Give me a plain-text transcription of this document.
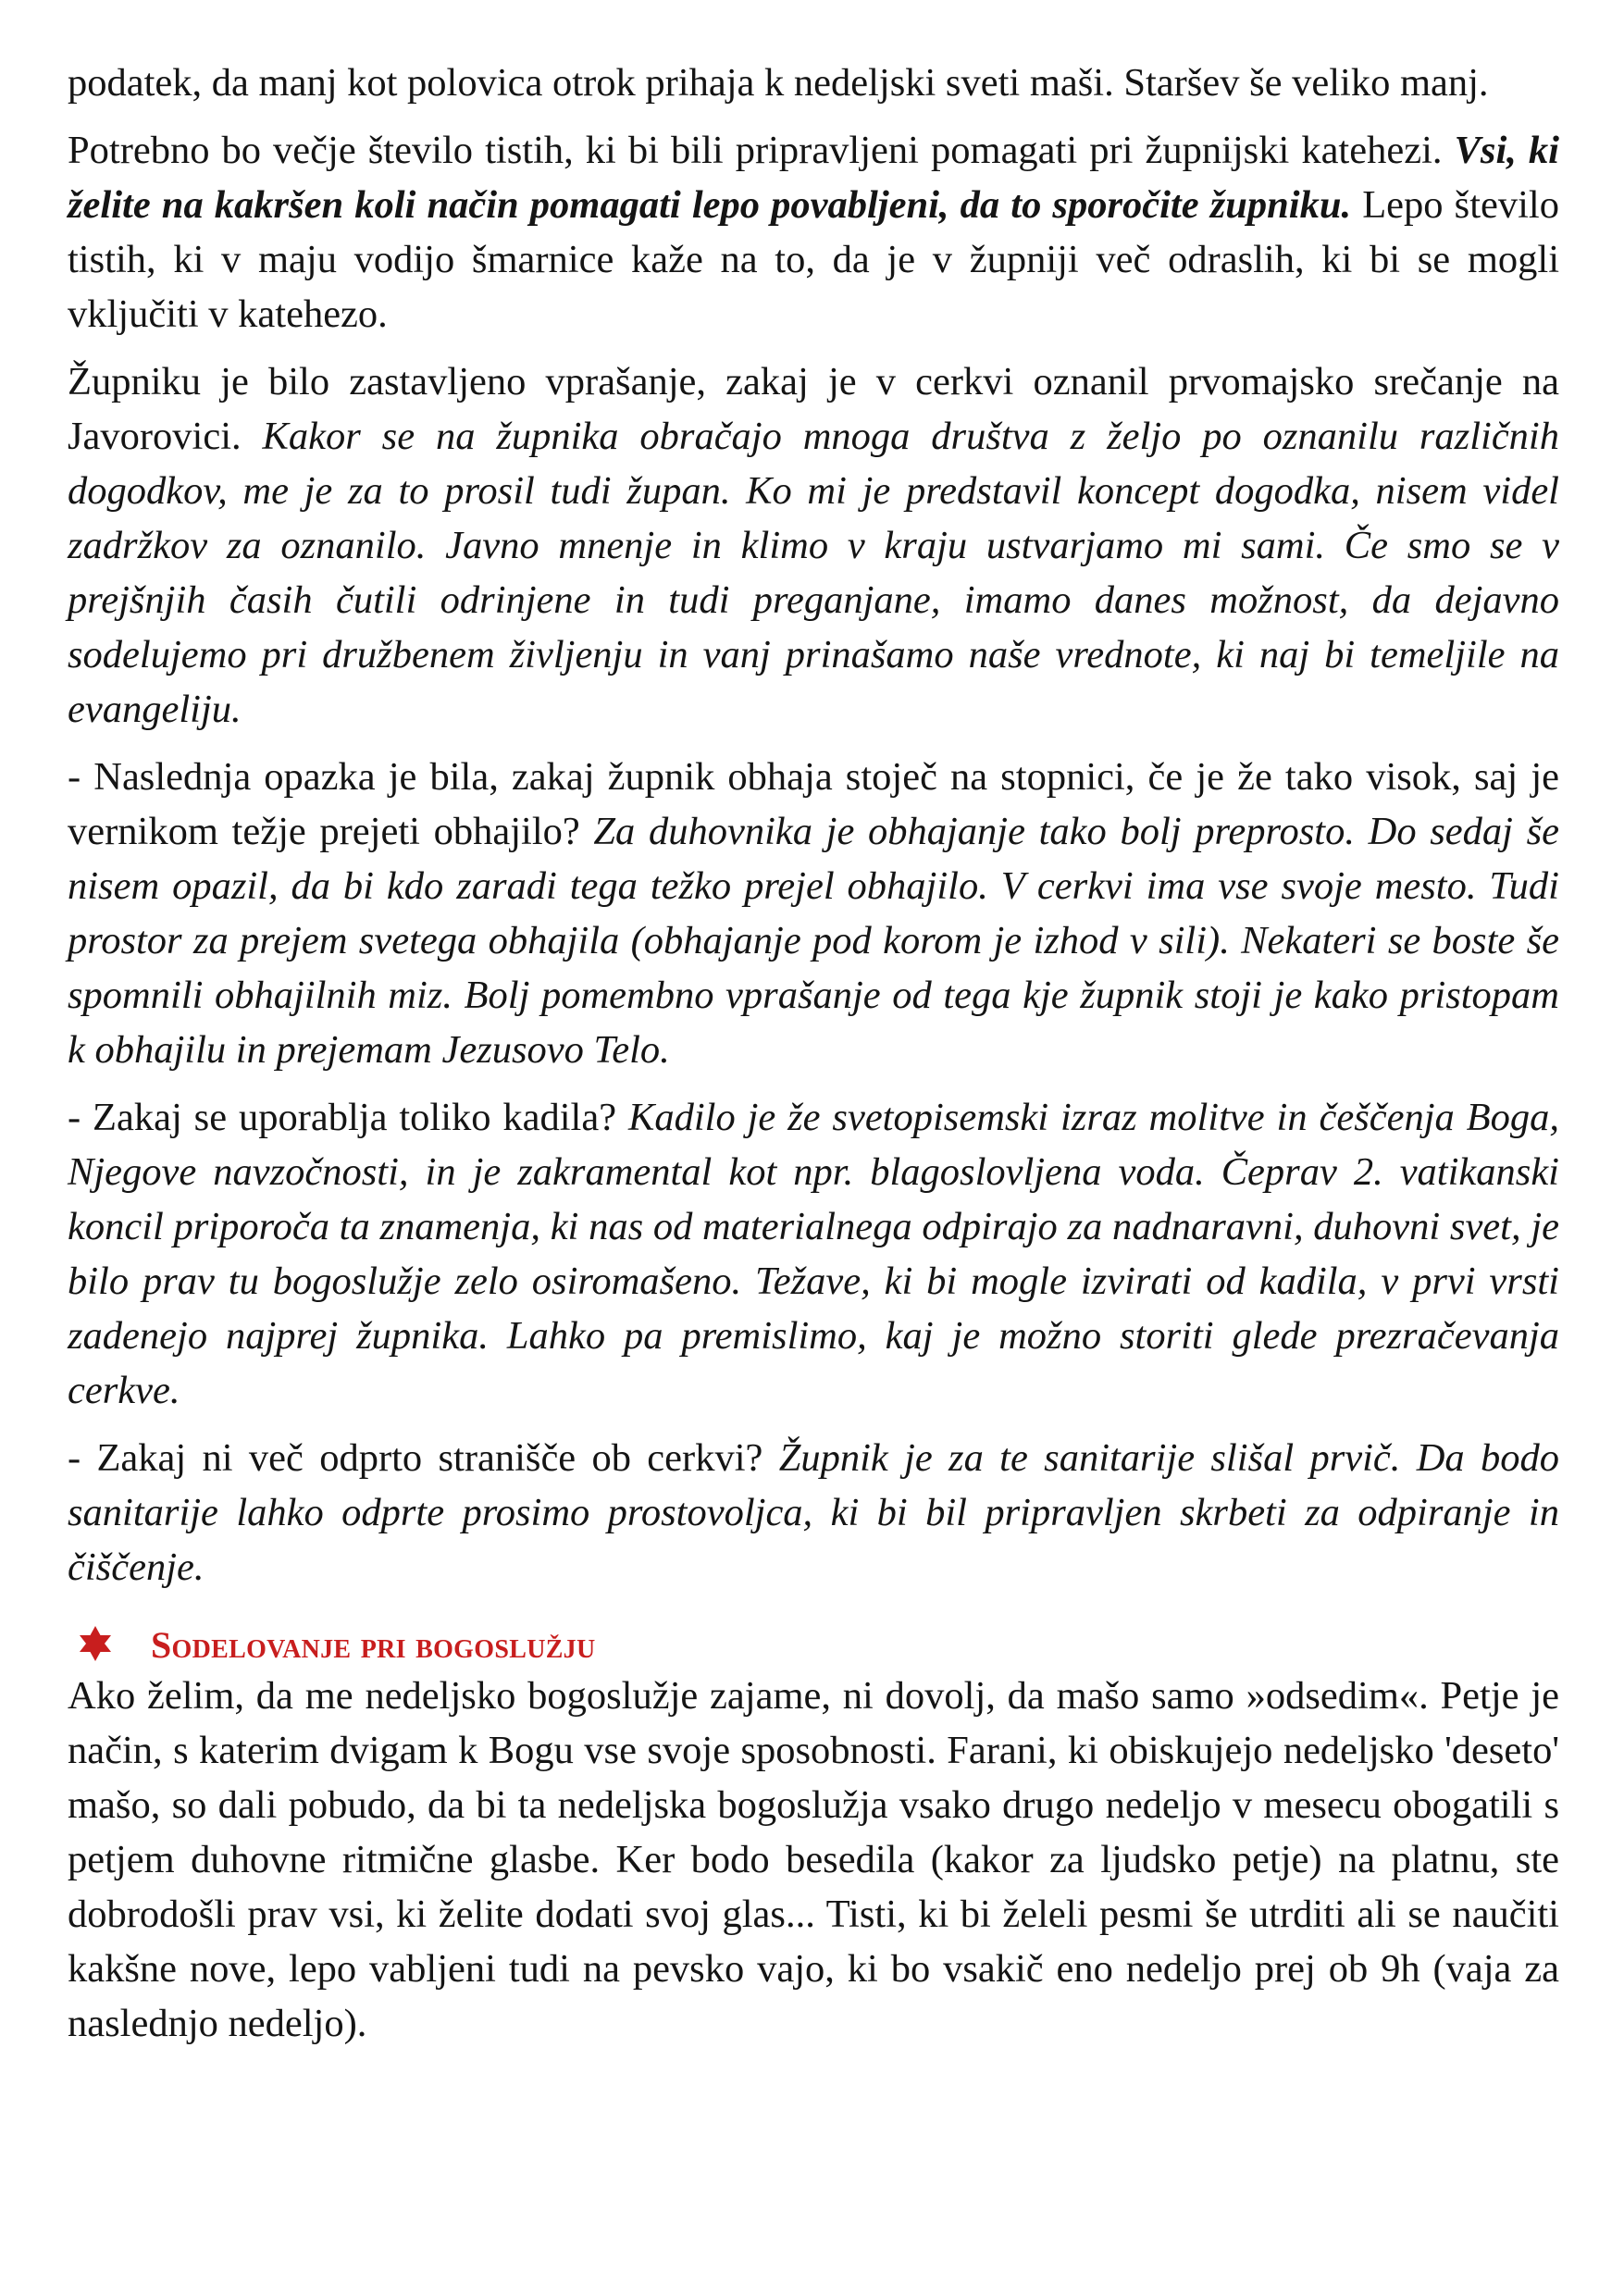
podatek, da manj kot polovica otrok prihaja k nedeljski sveti maši. Staršev še veliko manj.

Potrebno bo večje število tistih, ki bi bili pripravljeni pomagati pri župnijski katehezi. Vsi, ki želite na kakršen koli način pomagati lepo povabljeni, da to sporočite župniku. Lepo število tistih, ki v maju vodijo šmarnice kaže na to, da je v župniji več odraslih, ki bi se mogli vključiti v katehezo.

Župniku je bilo zastavljeno vprašanje, zakaj je v cerkvi oznanil prvomajsko srečanje na Javorovici. Kakor se na župnika obračajo mnoga društva z željo po oznanilu različnih dogodkov, me je za to prosil tudi župan. Ko mi je predstavil koncept dogodka, nisem videl zadržkov za oznanilo. Javno mnenje in klimo v kraju ustvarjamo mi sami. Če smo se v prejšnjih časih čutili odrinjene in tudi preganjane, imamo danes možnost, da dejavno sodelujemo pri družbenem življenju in vanj prinašamo naše vrednote, ki naj bi temeljile na evangeliju.

- Naslednja opazka je bila, zakaj župnik obhaja stoječ na stopnici, če je že tako visok, saj je vernikom težje prejeti obhajilo? Za duhovnika je obhajanje tako bolj preprosto. Do sedaj še nisem opazil, da bi kdo zaradi tega težko prejel obhajilo. V cerkvi ima vse svoje mesto. Tudi prostor za prejem svetega obhajila (obhajanje pod korom je izhod v sili). Nekateri se boste še spomnili obhajilnih miz. Bolj pomembno vprašanje od tega kje župnik stoji je kako pristopam k obhajilu in prejemam Jezusovo Telo.

- Zakaj se uporablja toliko kadila? Kadilo je že svetopisemski izraz molitve in češčenja Boga, Njegove navzočnosti, in je zakramental kot npr. blagoslovljena voda. Čeprav 2. vatikanski koncil priporoča ta znamenja, ki nas od materialnega odpirajo za nadnaravni, duhovni svet, je bilo prav tu bogoslužje zelo osiromašeno. Težave, ki bi mogle izvirati od kadila, v prvi vrsti zadenejo najprej župnika. Lahko pa premislimo, kaj je možno storiti glede prezračevanja cerkve.

- Zakaj ni več odprto stranišče ob cerkvi? Župnik je za te sanitarije slišal prvič. Da bodo sanitarije lahko odprte prosimo prostovoljca, ki bi bil pripravljen skrbeti za odpiranje in čiščenje.

Sodelovanje pri bogoslužju

Ako želim, da me nedeljsko bogoslužje zajame, ni dovolj, da mašo samo »odsedim«. Petje je način, s katerim dvigam k Bogu vse svoje sposobnosti. Farani, ki obiskujejo nedeljsko 'deseto' mašo, so dali pobudo, da bi ta nedeljska bogoslužja vsako drugo nedeljo v mesecu obogatili s petjem duhovne ritmične glasbe. Ker bodo besedila (kakor za ljudsko petje) na platnu, ste dobrodošli prav vsi, ki želite dodati svoj glas... Tisti, ki bi želeli pesmi še utrditi ali se naučiti kakšne nove, lepo vabljeni tudi na pevsko vajo, ki bo vsakič eno nedeljo prej ob 9h (vaja za naslednjo nedeljo).
